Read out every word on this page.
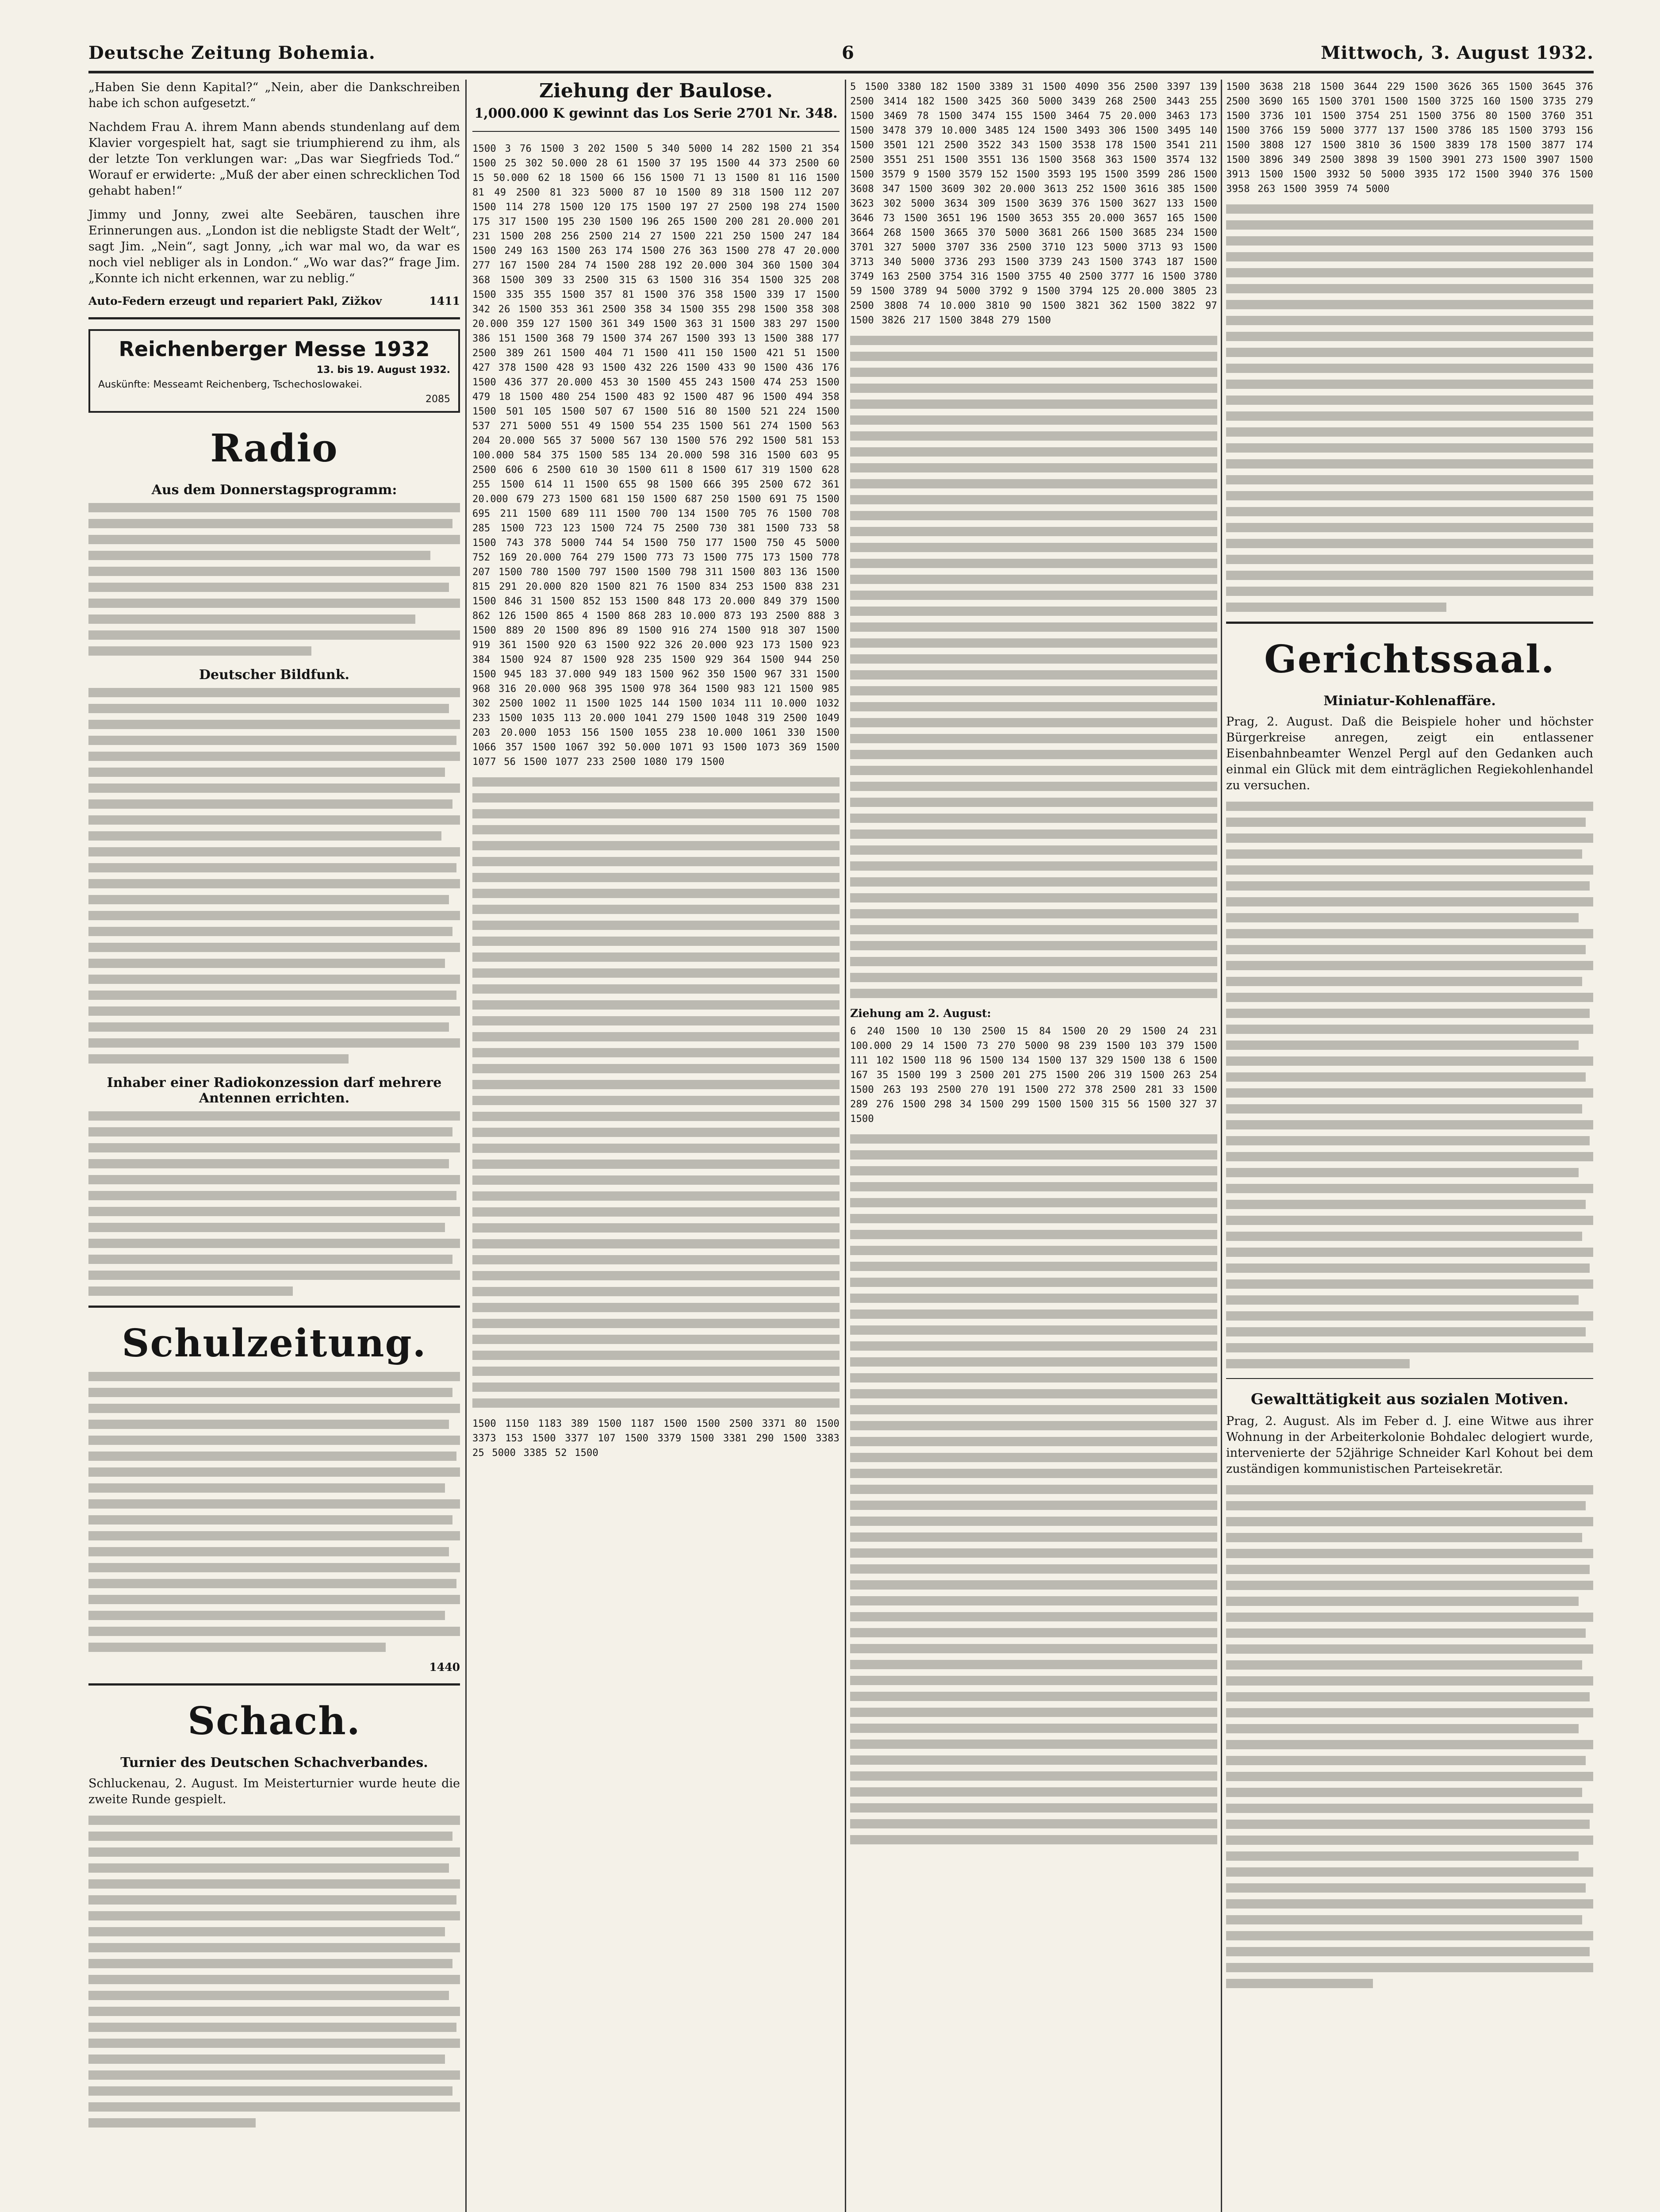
Deutsche Zeitung Bohemia.	6	Mittwoch, 3. August 1932.

„Haben Sie denn Kapital?“ „Nein, aber die Dankschreiben habe ich schon aufgesetzt.“

Nachdem Frau A. ihrem Mann abends stundenlang auf dem Klavier vorgespielt hat, sagt sie triumphierend zu ihm, als der letzte Ton verklungen war: „Das war Siegfrieds Tod.“ Worauf er erwiderte: „Muß der aber einen schrecklichen Tod gehabt haben!“

Jimmy und Jonny, zwei alte Seebären, tauschen ihre Erinnerungen aus. „London ist die nebligste Stadt der Welt“, sagt Jim. „Nein“, sagt Jonny, „ich war mal wo, da war es noch viel nebliger als in London.“ „Wo war das?“ frage Jim. „Konnte ich nicht erkennen, war zu neblig.“

Auto-Federn erzeugt und repariert Pakl, Zižkov	1411
Reichenberger Messe 1932
13. bis 19. August 1932.
Auskünfte: Messeamt Reichenberg, Tschechoslowakei.
2085
Radio
Aus dem Donnerstagsprogramm:
Deutscher Bildfunk.
Inhaber einer Radiokonzession darf mehrere Antennen errichten.
Schulzeitung.
1440
Schach.
Turnier des Deutschen Schachverbandes.

Schluckenau, 2. August. Im Meisterturnier wurde heute die zweite Runde gespielt.

Ziehung der Baulose.
1,000.000 K gewinnt das Los Serie 2701 Nr. 348.
1500 3 76 1500 3 202 1500 5 340 5000 14 282 1500 21 354 1500 25 302 50.000 28 61 1500 37 195 1500 44 373 2500 60 15 50.000 62 18 1500 66 156 1500 71 13 1500 81 116 1500 81 49 2500 81 323 5000 87 10 1500 89 318 1500 112 207 1500 114 278 1500 120 175 1500 197 27 2500 198 274 1500 175 317 1500 195 230 1500 196 265 1500 200 281 20.000 201 231 1500 208 256 2500 214 27 1500 221 250 1500 247 184 1500 249 163 1500 263 174 1500 276 363 1500 278 47 20.000 277 167 1500 284 74 1500 288 192 20.000 304 360 1500 304 368 1500 309 33 2500 315 63 1500 316 354 1500 325 208 1500 335 355 1500 357 81 1500 376 358 1500 339 17 1500 342 26 1500 353 361 2500 358 34 1500 355 298 1500 358 308 20.000 359 127 1500 361 349 1500 363 31 1500 383 297 1500 386 151 1500 368 79 1500 374 267 1500 393 13 1500 388 177 2500 389 261 1500 404 71 1500 411 150 1500 421 51 1500 427 378 1500 428 93 1500 432 226 1500 433 90 1500 436 176 1500 436 377 20.000 453 30 1500 455 243 1500 474 253 1500 479 18 1500 480 254 1500 483 92 1500 487 96 1500 494 358 1500 501 105 1500 507 67 1500 516 80 1500 521 224 1500 537 271 5000 551 49 1500 554 235 1500 561 274 1500 563 204 20.000 565 37 5000 567 130 1500 576 292 1500 581 153 100.000 584 375 1500 585 134 20.000 598 316 1500 603 95 2500 606 6 2500 610 30 1500 611 8 1500 617 319 1500 628 255 1500 614 11 1500 655 98 1500 666 395 2500 672 361 20.000 679 273 1500 681 150 1500 687 250 1500 691 75 1500 695 211 1500 689 111 1500 700 134 1500 705 76 1500 708 285 1500 723 123 1500 724 75 2500 730 381 1500 733 58 1500 743 378 5000 744 54 1500 750 177 1500 750 45 5000 752 169 20.000 764 279 1500 773 73 1500 775 173 1500 778 207 1500 780 1500 797 1500 1500 798 311 1500 803 136 1500 815 291 20.000 820 1500 821 76 1500 834 253 1500 838 231 1500 846 31 1500 852 153 1500 848 173 20.000 849 379 1500 862 126 1500 865 4 1500 868 283 10.000 873 193 2500 888 3 1500 889 20 1500 896 89 1500 916 274 1500 918 307 1500 919 361 1500 920 63 1500 922 326 20.000 923 173 1500 923 384 1500 924 87 1500 928 235 1500 929 364 1500 944 250 1500 945 183 37.000 949 183 1500 962 350 1500 967 331 1500 968 316 20.000 968 395 1500 978 364 1500 983 121 1500 985 302 2500 1002 11 1500 1025 144 1500 1034 111 10.000 1032 233 1500 1035 113 20.000 1041 279 1500 1048 319 2500 1049 203 20.000 1053 156 1500 1055 238 10.000 1061 330 1500 1066 357 1500 1067 392 50.000 1071 93 1500 1073 369 1500 1077 56 1500 1077 233 2500 1080 179 1500
1500 1150 1183 389 1500 1187 1500 1500 2500 3371 80 1500 3373 153 1500 3377 107 1500 3379 1500 3381 290 1500 3383 25 5000 3385 52 1500
5 1500 3380 182 1500 3389 31 1500 4090 356 2500 3397 139 2500 3414 182 1500 3425 360 5000 3439 268 2500 3443 255 1500 3469 78 1500 3474 155 1500 3464 75 20.000 3463 173 1500 3478 379 10.000 3485 124 1500 3493 306 1500 3495 140 1500 3501 121 2500 3522 343 1500 3538 178 1500 3541 211 2500 3551 251 1500 3551 136 1500 3568 363 1500 3574 132 1500 3579 9 1500 3579 152 1500 3593 195 1500 3599 286 1500 3608 347 1500 3609 302 20.000 3613 252 1500 3616 385 1500 3623 302 5000 3634 309 1500 3639 376 1500 3627 133 1500 3646 73 1500 3651 196 1500 3653 355 20.000 3657 165 1500 3664 268 1500 3665 370 5000 3681 266 1500 3685 234 1500 3701 327 5000 3707 336 2500 3710 123 5000 3713 93 1500 3713 340 5000 3736 293 1500 3739 243 1500 3743 187 1500 3749 163 2500 3754 316 1500 3755 40 2500 3777 16 1500 3780 59 1500 3789 94 5000 3792 9 1500 3794 125 20.000 3805 23 2500 3808 74 10.000 3810 90 1500 3821 362 1500 3822 97 1500 3826 217 1500 3848 279 1500
Ziehung am 2. August:
6 240 1500 10 130 2500 15 84 1500 20 29 1500 24 231 100.000 29 14 1500 73 270 5000 98 239 1500 103 379 1500 111 102 1500 118 96 1500 134 1500 137 329 1500 138 6 1500 167 35 1500 199 3 2500 201 275 1500 206 319 1500 263 254 1500 263 193 2500 270 191 1500 272 378 2500 281 33 1500 289 276 1500 298 34 1500 299 1500 1500 315 56 1500 327 37 1500
1500 3638 218 1500 3644 229 1500 3626 365 1500 3645 376 2500 3690 165 1500 3701 1500 1500 3725 160 1500 3735 279 1500 3736 101 1500 3754 251 1500 3756 80 1500 3760 351 1500 3766 159 5000 3777 137 1500 3786 185 1500 3793 156 1500 3808 127 1500 3810 36 1500 3839 178 1500 3877 174 1500 3896 349 2500 3898 39 1500 3901 273 1500 3907 1500 3913 1500 1500 3932 50 5000 3935 172 1500 3940 376 1500 3958 263 1500 3959 74 5000
Gerichtssaal.
Miniatur-Kohlenaffäre.

Prag, 2. August. Daß die Beispiele hoher und höchster Bürgerkreise anregen, zeigt ein entlassener Eisenbahnbeamter Wenzel Pergl auf den Gedanken auch einmal ein Glück mit dem einträglichen Regiekohlenhandel zu versuchen.

Gewalttätigkeit aus sozialen Motiven.

Prag, 2. August. Als im Feber d. J. eine Witwe aus ihrer Wohnung in der Arbeiterkolonie Bohdalec delogiert wurde, intervenierte der 52jährige Schneider Karl Kohout bei dem zuständigen kommunistischen Parteisekretär.
